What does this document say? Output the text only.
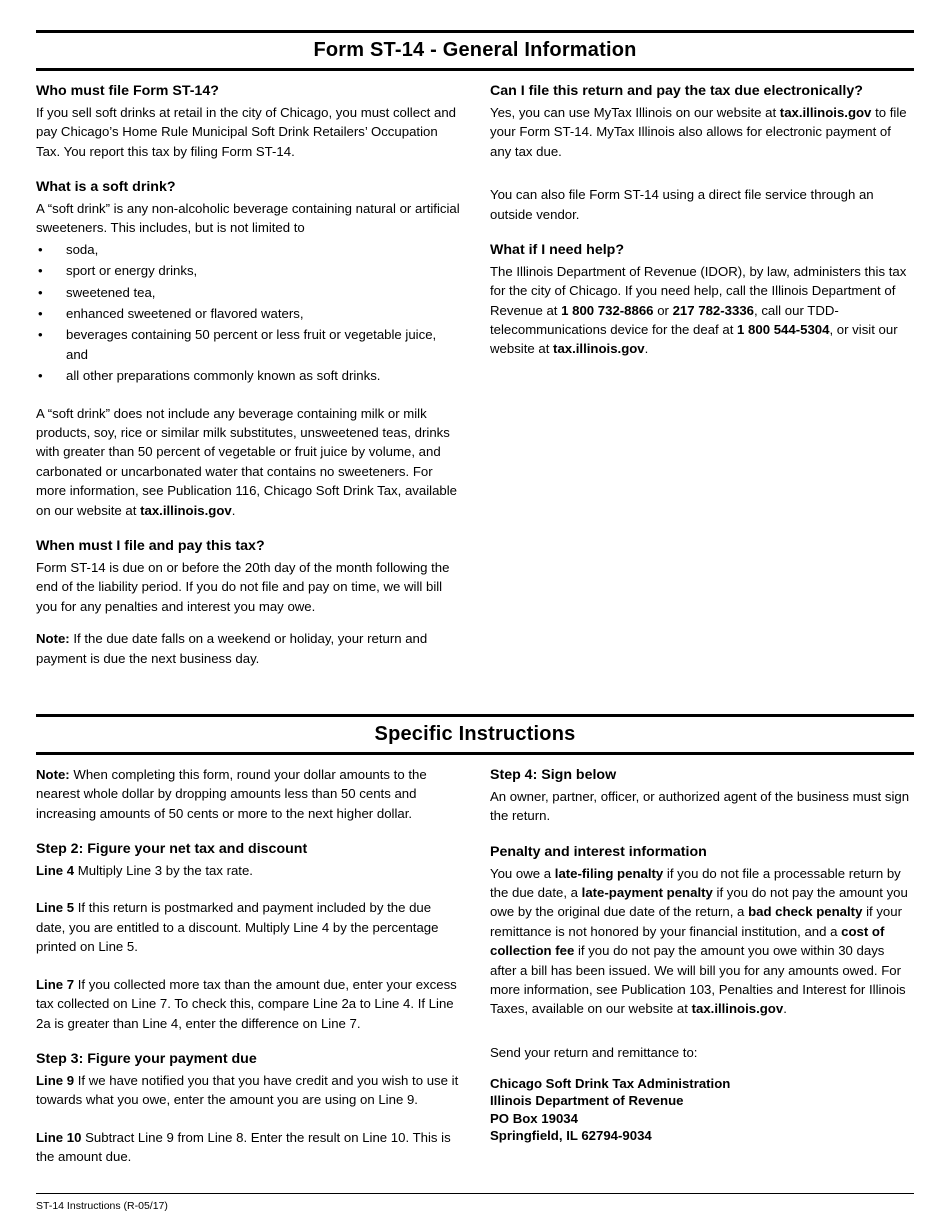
Form ST-14 - General Information
Who must file Form ST-14?

If you sell soft drinks at retail in the city of Chicago, you must collect and pay Chicago’s Home Rule Municipal Soft Drink Retailers’ Occupation Tax. You report this tax by filing Form ST-14.

What is a soft drink?

A “soft drink” is any non-alcoholic beverage containing natural or artificial sweeteners. This includes, but is not limited to

• soda,
• sport or energy drinks,
• sweetened tea,
• enhanced sweetened or flavored waters,
• beverages containing 50 percent or less fruit or vegetable juice, and
• all other preparations commonly known as soft drinks.

A “soft drink” does not include any beverage containing milk or milk products, soy, rice or similar milk substitutes, unsweetened teas, drinks with greater than 50 percent of vegetable or fruit juice by volume, and carbonated or uncarbonated water that contains no sweeteners. For more information, see Publication 116, Chicago Soft Drink Tax, available on our website at tax.illinois.gov.

When must I file and pay this tax?

Form ST-14 is due on or before the 20th day of the month following the end of the liability period. If you do not file and pay on time, we will bill you for any penalties and interest you may owe.

Note: If the due date falls on a weekend or holiday, your return and payment is due the next business day.

Can I file this return and pay the tax due electronically?

Yes, you can use MyTax Illinois on our website at tax.illinois.gov to file your Form ST-14. MyTax Illinois also allows for electronic payment of any tax due.

You can also file Form ST-14 using a direct file service through an outside vendor.

What if I need help?

The Illinois Department of Revenue (IDOR), by law, administers this tax for the city of Chicago. If you need help, call the Illinois Department of Revenue at 1 800 732-8866 or 217 782-3336, call our TDD-telecommunications device for the deaf at 1 800 544-5304, or visit our website at tax.illinois.gov.

Specific Instructions

Note: When completing this form, round your dollar amounts to the nearest whole dollar by dropping amounts less than 50 cents and increasing amounts of 50 cents or more to the next higher dollar.

Step 2: Figure your net tax and discount
Line 4 Multiply Line 3 by the tax rate.
Line 5 If this return is postmarked and payment included by the due date, you are entitled to a discount. Multiply Line 4 by the percentage printed on Line 5.
Line 7 If you collected more tax than the amount due, enter your excess tax collected on Line 7. To check this, compare Line 2a to Line 4. If Line 2a is greater than Line 4, enter the difference on Line 7.
Step 3: Figure your payment due
Line 9 If we have notified you that you have credit and you wish to use it towards what you owe, enter the amount you are using on Line 9.
Line 10 Subtract Line 9 from Line 8. Enter the result on Line 10. This is the amount due.
Step 4: Sign below

An owner, partner, officer, or authorized agent of the business must sign the return.

Penalty and interest information

You owe a late-filing penalty if you do not file a processable return by the due date, a late-payment penalty if you do not pay the amount you owe by the original due date of the return, a bad check penalty if your remittance is not honored by your financial institution, and a cost of collection fee if you do not pay the amount you owe within 30 days after a bill has been issued. We will bill you for any amounts owed. For more information, see Publication 103, Penalties and Interest for Illinois Taxes, available on our website at tax.illinois.gov.

Send your return and remittance to:

Chicago Soft Drink Tax Administration
Illinois Department of Revenue
PO Box 19034
Springfield, IL 62794-9034
ST-14 Instructions (R-05/17)
